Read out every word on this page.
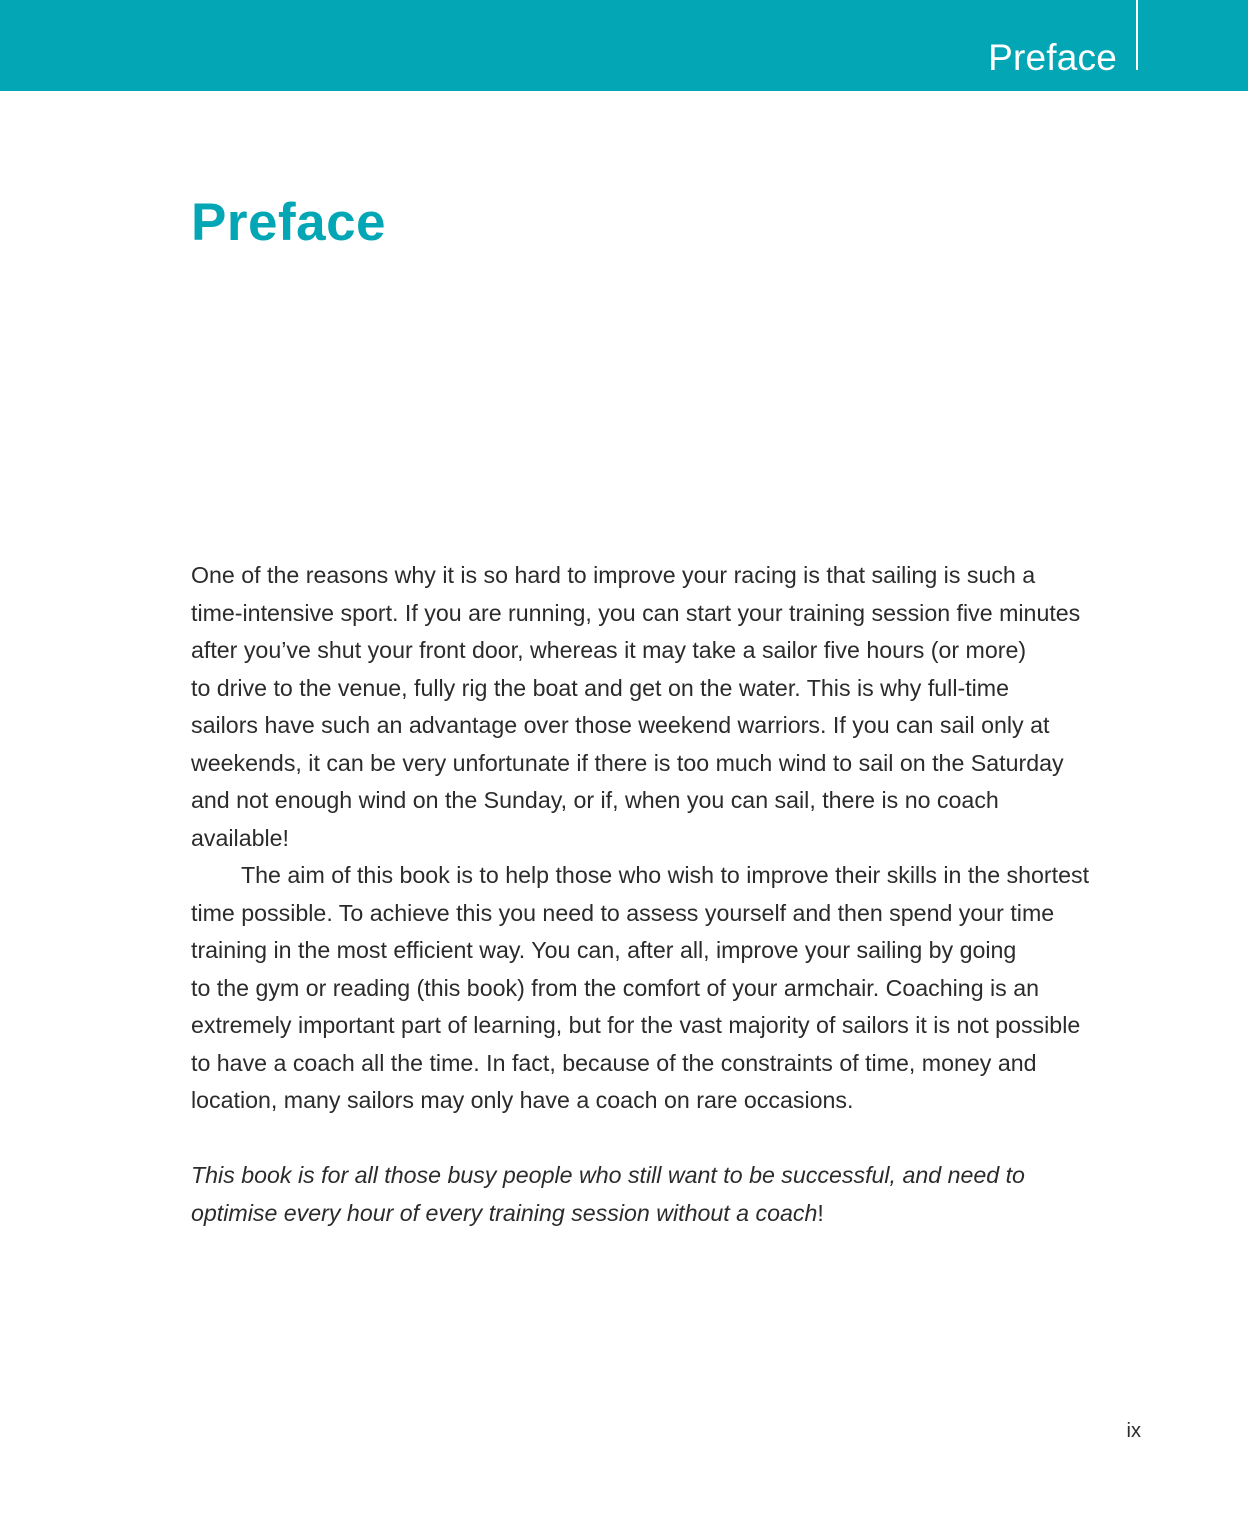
Preface
Preface

One of the reasons why it is so hard to improve your racing is that sailing is such a
time-intensive sport. If you are running, you can start your training session five minutes
after you’ve shut your front door, whereas it may take a sailor five hours (or more)
to drive to the venue, fully rig the boat and get on the water. This is why full-time
sailors have such an advantage over those weekend warriors. If you can sail only at
weekends, it can be very unfortunate if there is too much wind to sail on the Saturday
and not enough wind on the Sunday, or if, when you can sail, there is no coach
available!

The aim of this book is to help those who wish to improve their skills in the shortest
time possible. To achieve this you need to assess yourself and then spend your time
training in the most efficient way. You can, after all, improve your sailing by going
to the gym or reading (this book) from the comfort of your armchair. Coaching is an
extremely important part of learning, but for the vast majority of sailors it is not possible
to have a coach all the time. In fact, because of the constraints of time, money and
location, many sailors may only have a coach on rare occasions.

This book is for all those busy people who still want to be successful, and need to
optimise every hour of every training session without a coach!

ix
